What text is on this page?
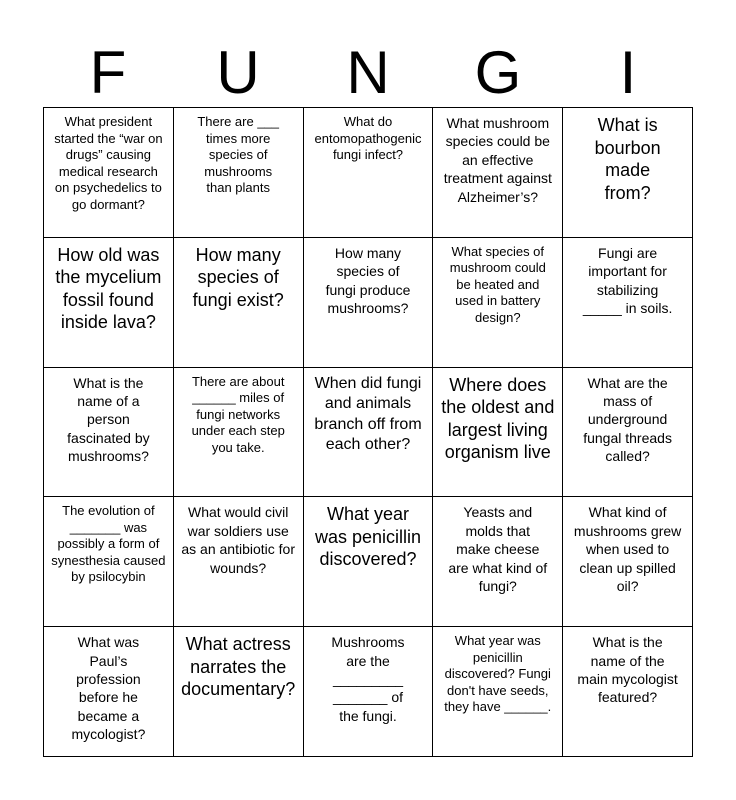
F	U	N	G	I
What president started the “war on drugs” causing medical research on psychedelics to go dormant?
There are ___ times more species of mushrooms than plants
What do entomopathogenic fungi infect?
What mushroom species could be an effective treatment against Alzheimer’s?
What is bourbon made from?
How old was the mycelium fossil found inside lava?
How many species of fungi exist?
How many species of fungi produce mushrooms?
What species of mushroom could be heated and used in battery design?
Fungi are important for stabilizing _____ in soils.
What is the name of a person fascinated by mushrooms?
There are about ______ miles of fungi networks under each step you take.
When did fungi and animals branch off from each other?
Where does the oldest and largest living organism live
What are the mass of underground fungal threads called?
The evolution of _______ was possibly a form of synesthesia caused by psilocybin
What would civil war soldiers use as an antibiotic for wounds?
What year was penicillin discovered?
Yeasts and molds that make cheese are what kind of fungi?
What kind of mushrooms grew when used to clean up spilled oil?
What was Paul’s profession before he became a mycologist?
What actress narrates the documentary?
Mushrooms are the _________ _______ of the fungi.
What year was penicillin discovered? Fungi don't have seeds, they have ______.
What is the name of the main mycologist featured?
